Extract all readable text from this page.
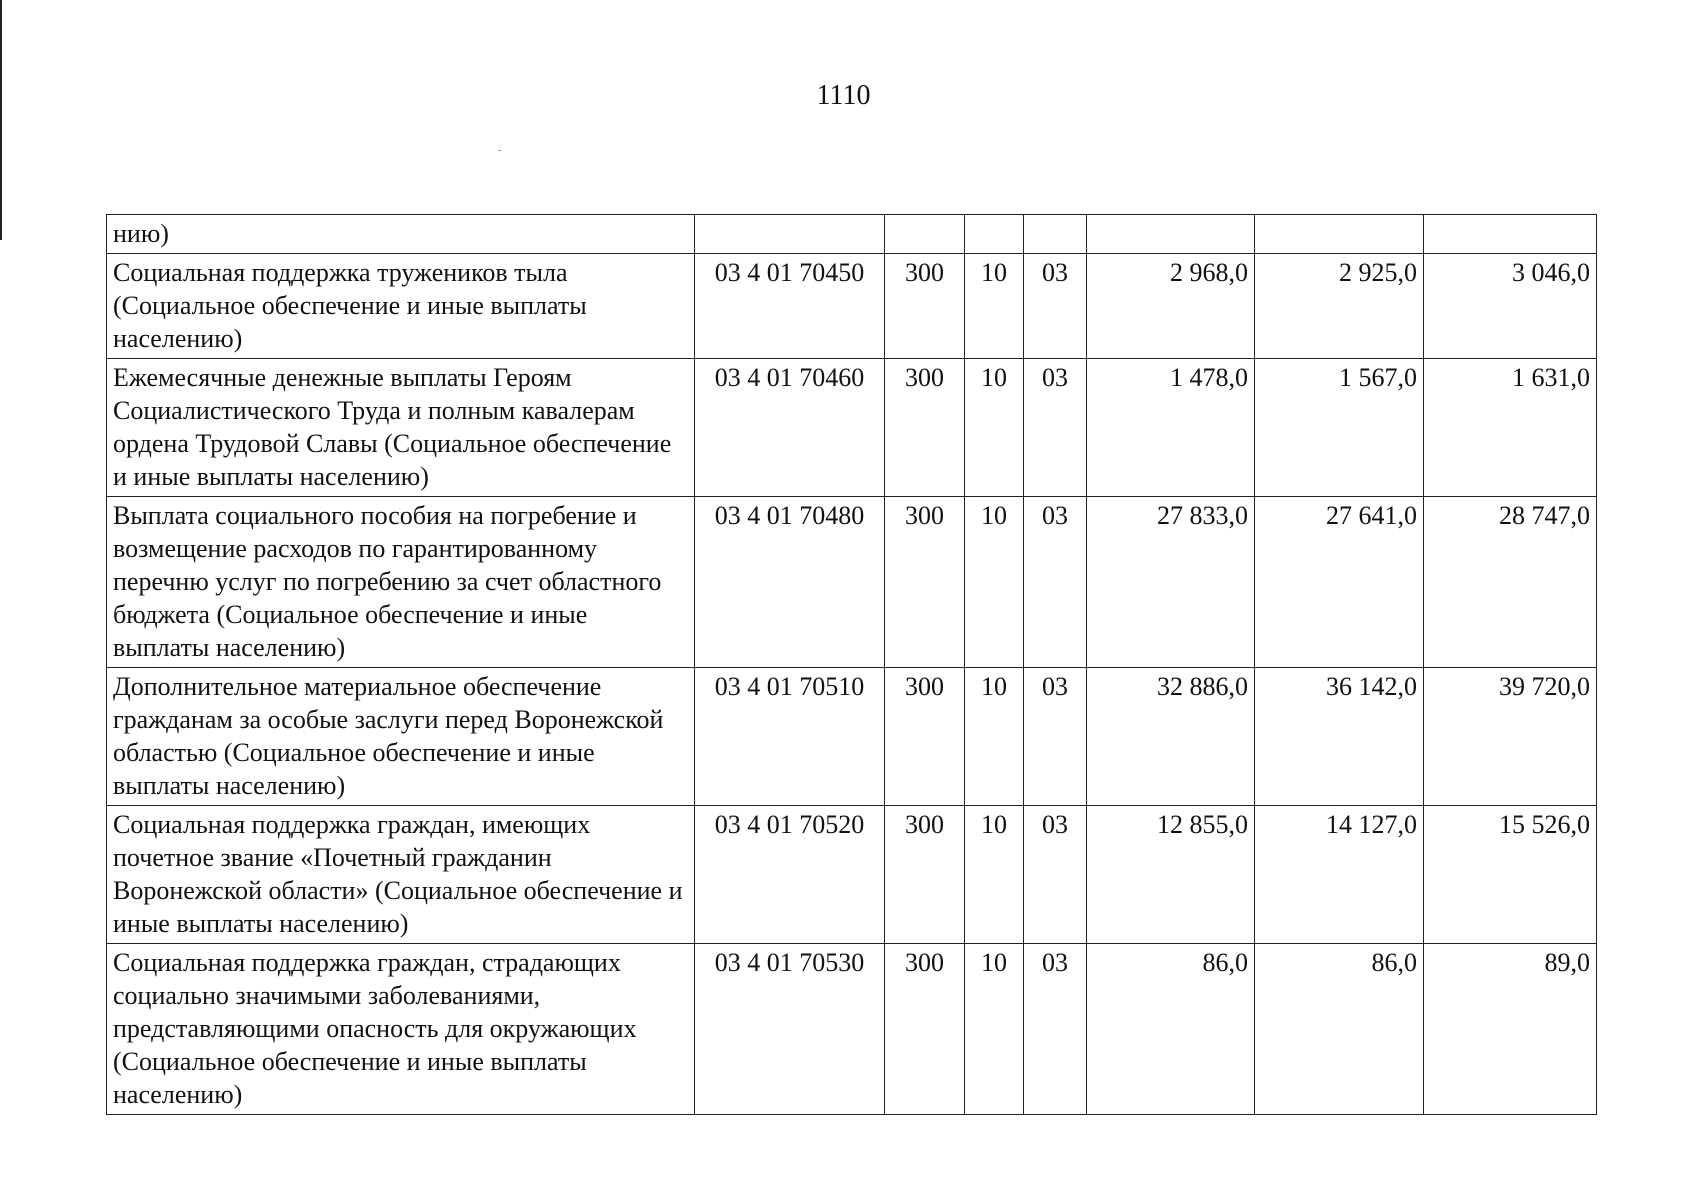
1110
нию)							
Социальная поддержка тружеников тыла (Социальное обеспечение и иные выплаты населению)	03 4 01 70450	300	10	03	2 968,0	2 925,0	3 046,0
Ежемесячные денежные выплаты Героям Социалистического Труда и полным кавалерам ордена Трудовой Славы (Социальное обеспечение и иные выплаты населению)	03 4 01 70460	300	10	03	1 478,0	1 567,0	1 631,0
Выплата социального пособия на погребение и возмещение расходов по гарантированному перечню услуг по погребению за счет областного бюджета (Социальное обеспечение и иные выплаты населению)	03 4 01 70480	300	10	03	27 833,0	27 641,0	28 747,0
Дополнительное материальное обеспечение гражданам за особые заслуги перед Воронежской областью (Социальное обеспечение и иные выплаты населению)	03 4 01 70510	300	10	03	32 886,0	36 142,0	39 720,0
Социальная поддержка граждан, имеющих почетное звание «Почетный гражданин Воронежской области» (Социальное обеспечение и иные выплаты населению)	03 4 01 70520	300	10	03	12 855,0	14 127,0	15 526,0
Социальная поддержка граждан, страдающих социально значимыми заболеваниями, представляющими опасность для окружающих (Социальное обеспечение и иные выплаты населению)	03 4 01 70530	300	10	03	86,0	86,0	89,0
